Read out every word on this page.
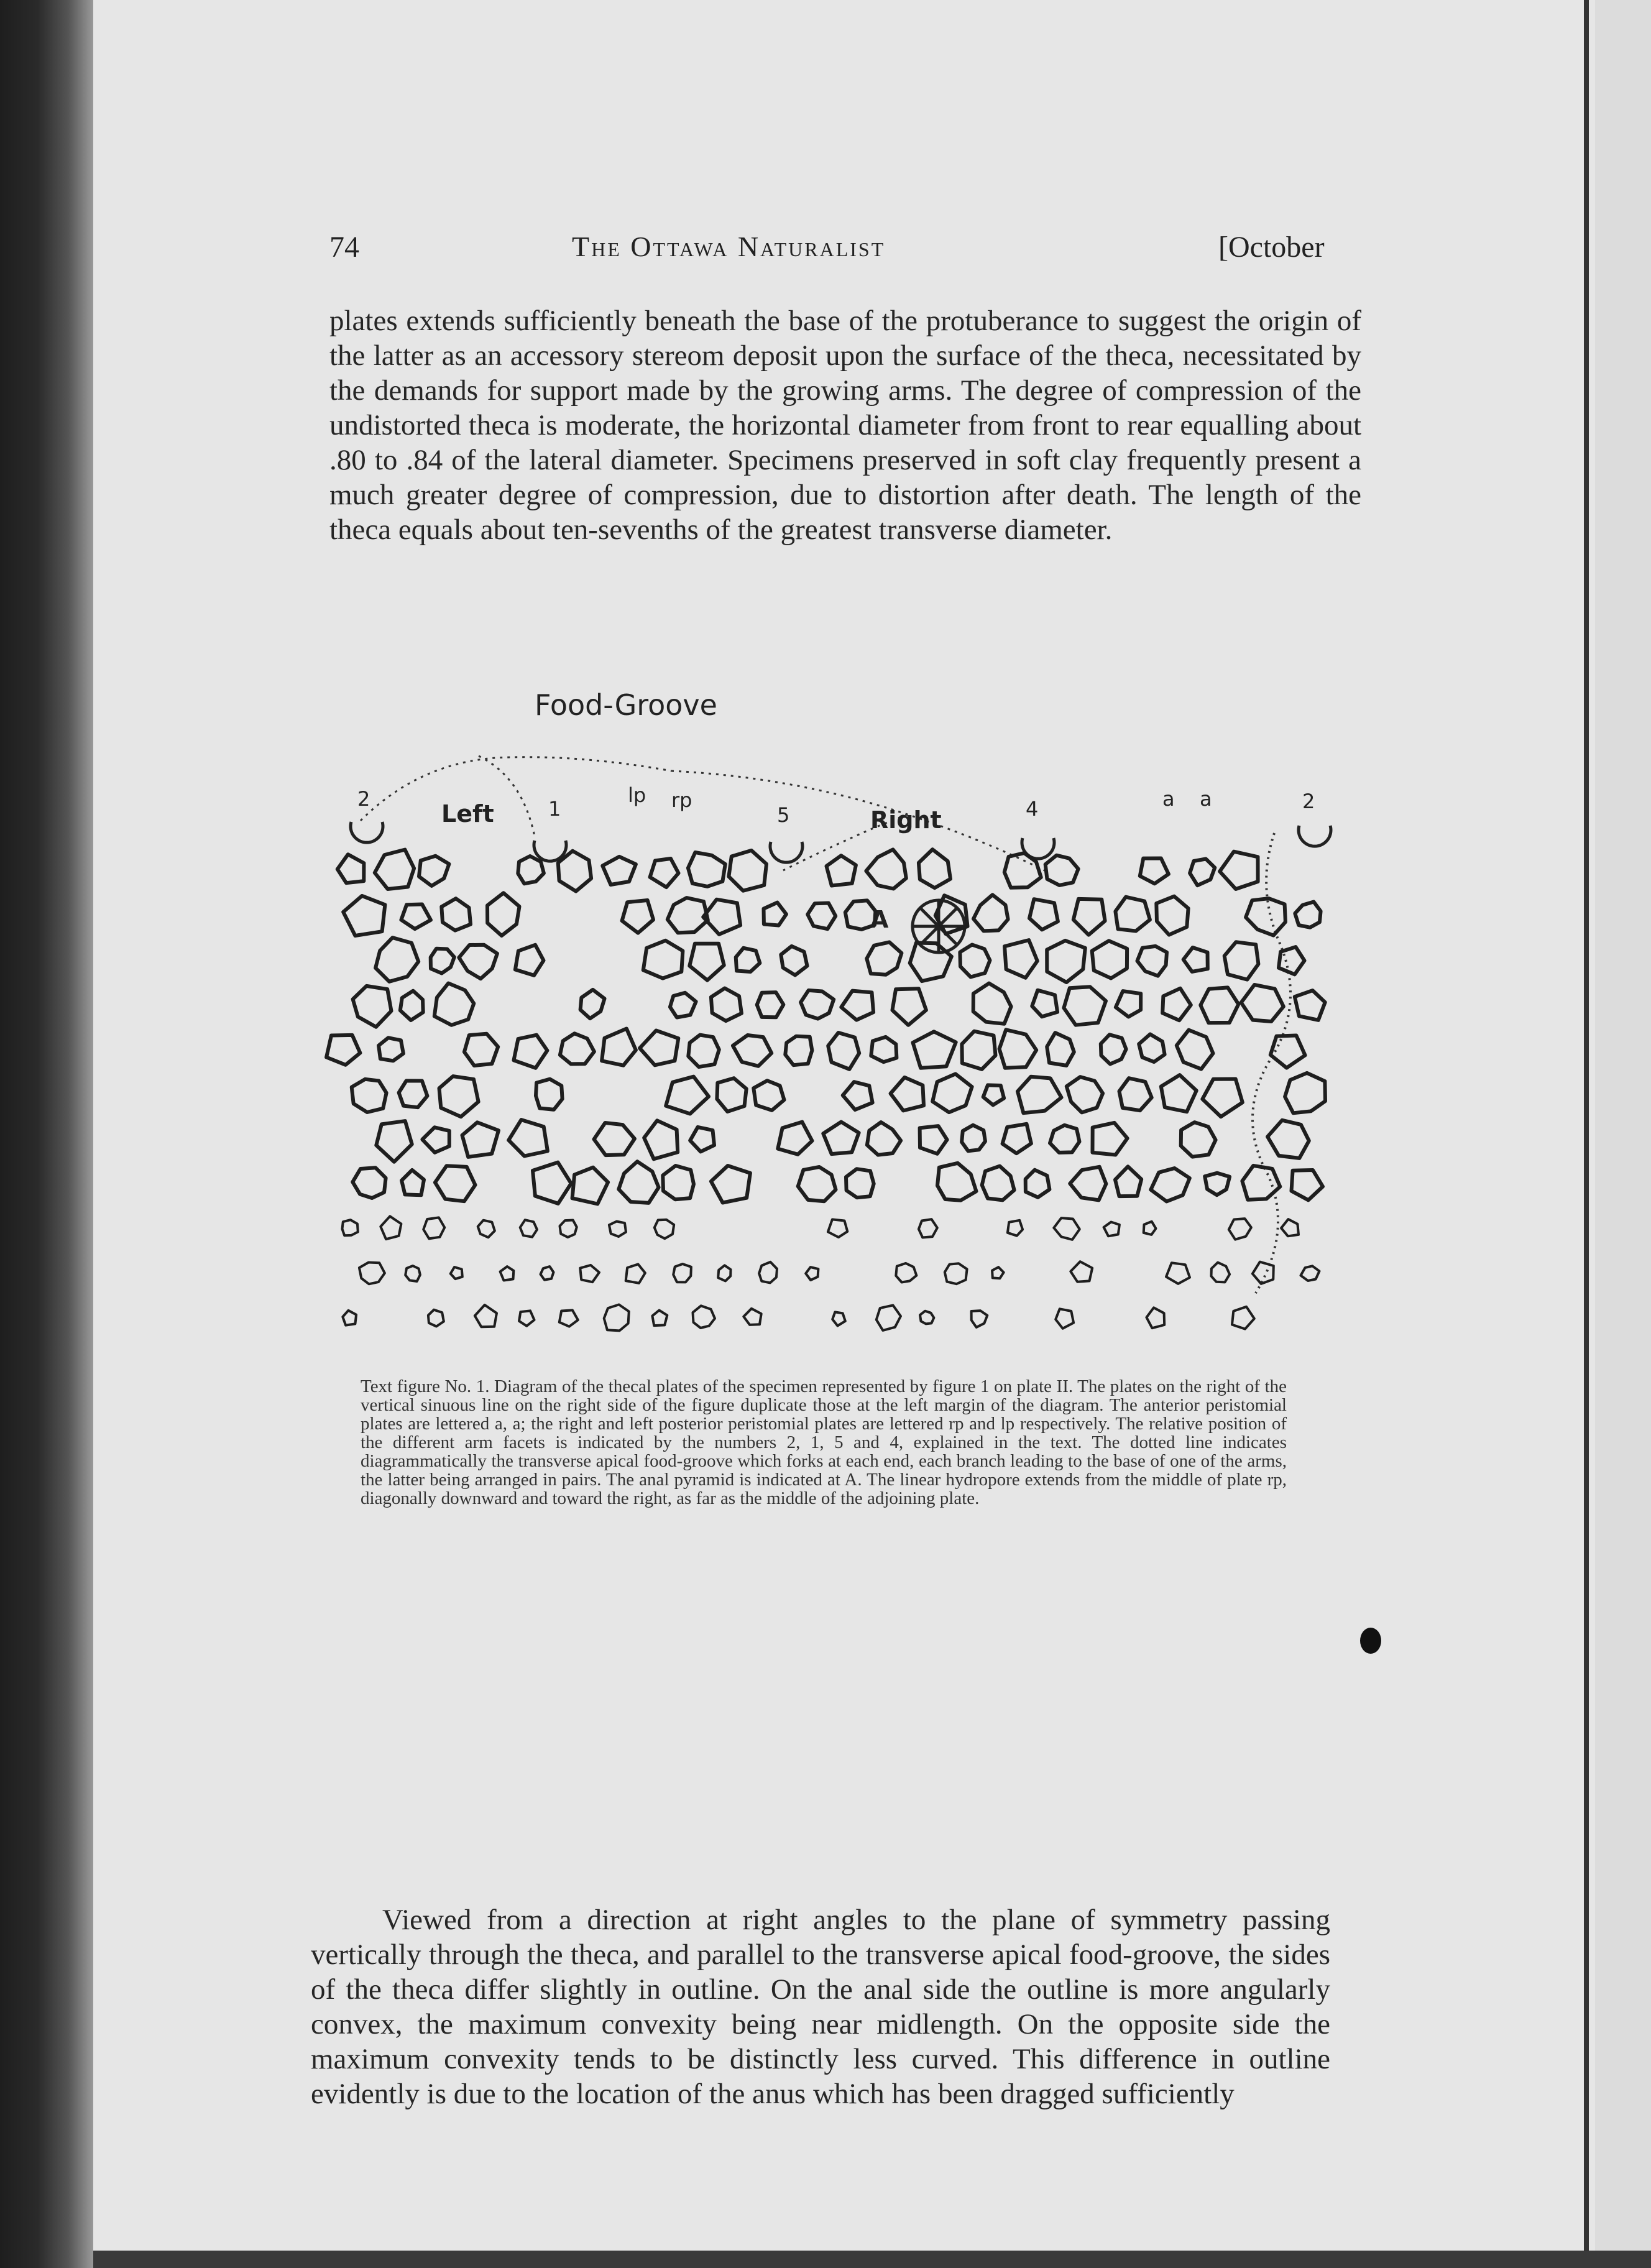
74	The Ottawa Naturalist	[October

plates extends sufficiently beneath the base of the protuberance to suggest the origin of the latter as an accessory stereom deposit upon the surface of the theca, necessitated by the demands for support made by the growing arms. The degree of compression of the undistorted theca is moderate, the horizontal diameter from front to rear equalling about .80 to .84 of the lateral diameter. Specimens preserved in soft clay frequently present a much greater degree of compression, due to distortion after death. The length of the theca equals about ten-sevenths of the greatest transverse diameter.

Food-Groove
Left	Right
2	1	5	4	2
lp rp	a a
A

Text figure No. 1. Diagram of the thecal plates of the specimen represented by figure 1 on plate II. The plates on the right of the vertical sinuous line on the right side of the figure duplicate those at the left margin of the diagram. The anterior peristomial plates are lettered a, a; the right and left posterior peristomial plates are lettered rp and lp respectively. The relative position of the different arm facets is indicated by the numbers 2, 1, 5 and 4, explained in the text. The dotted line indicates diagrammatically the transverse apical food-groove which forks at each end, each branch leading to the base of one of the arms, the latter being arranged in pairs. The anal pyramid is indicated at A. The linear hydropore extends from the middle of plate rp, diagonally downward and toward the right, as far as the middle of the adjoining plate.

Viewed from a direction at right angles to the plane of symmetry passing vertically through the theca, and parallel to the transverse apical food-groove, the sides of the theca differ slightly in outline. On the anal side the outline is more angularly convex, the maximum convexity being near midlength. On the opposite side the maximum convexity tends to be distinctly less curved. This difference in outline evidently is due to the location of the anus which has been dragged sufficiently
